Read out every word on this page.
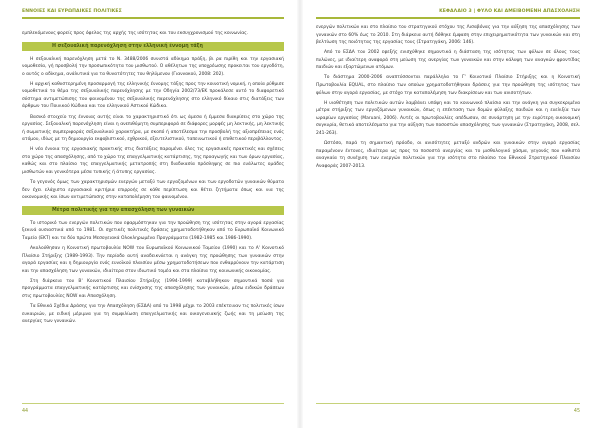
ΕΝΝΟΙΕΣ ΚΑΙ ΕΥΡΩΠΑΙΚΕΣ ΠΟΛΙΤΙΚΕΣ

εμπλεκόμενους φορείς προς όφελος της αρχής της ισότητας και του εκσυγχρονισμού της κοινωνίας.

Η σεξουαλική παρενόχληση στην ελληνική έννομη τάξη

Η σεξουαλική παρενόχληση μετά το Ν. 3488/2006 συνιστά αδίκημα πράξη, βι ρα πιρίθη και την εργασιακή νομοθεσία, γή προσβολή την προσωπικότητα του μισθωτού. Ο αθέλητων της υποχρέωσης προκειται του εργοδότη, ο αυτός ο αδίκημα, ανάλυτικά για τα θυνατότητες του θηλύμενου (Γιαννακού, 2008: 202).

Η αρχική καθυστερημένη προσαρμογή της ελληνικής έννομης τάξης προς την κοινοτική νομική, η οποία ρύθμισε νομοθετικά το θέμα της σεξουαλικής παρενόχλησης με την Οδηγία 2002/73/ΕΚ προκάλεσε αυτό το διαφορετικό σύστημα αντιμετώπισης του φαινομένου της σεξουαλικής παρενόχλησης στο ελληνικό δίκαιο στις διατάξεις των άρθρων του Ποινικού Κώδικα και του ελληνικού Αστικού Κώδικα.

Βασικό στοιχείο της έννοιας αυτής είναι το χαρακτηριστικό ότι ως άμεσα ή έμμεσα διακρίσεις στο χώρο της εργασίας. Σεξουαλική παρενόχληση είναι η ανεπιθύμητη συμπεριφορά σε διάφορες μορφές μη λεκτικής, μη λεκτικής ή σωματικής συμπεριφοράς σεξουαλικού χαρακτήρα, με σκοπό ή αποτέλεσμα την προσβολή της αξιοπρέπειας ενός ατόμου, ιδίως με τη δημιουργία εκφοβιστικού, εχθρικού, εξευτελιστικού, ταπεινωτικού ή επιθετικού περιβάλλοντος.

Η νέα έννοια της εργασιακής πρακτικής στις διατάξεις παραμένει όλες τις εργασιακές πρακτικές και σχέσεις στο χώρο της απασχόλησης, από το χώρο της επαγγελματικής κατάρτισης, της προαγωγής και των όρων εργασίας, καθώς και στο πλαίσιο της επαγγελματικής μετατροπής στη διαδικασία πρόσληψης σε πιο ευάλωτες ομάδες μισθωτών και γενικότερα μέσα τυπικής ή άτυπης εργασίας.

Το γεγονός όμως των χαρακτηρισμών ενεργών μεταξύ των εργαζομένων και των εργοδοτών γυναικών θύματα δεν έχει ελάχιστα εργασιακά κριτήρια επιρροής σε κάθε περίπτωση και θέτει ζητήματα όπως και νια της οικονομικής και ίσων αντιμετώπισης στην καταπολέμηση του φαινομένου.

Μέτρα πολιτικής για την απασχόληση των γυναικών

Το ιστορικό των ενεργών πολιτικών που εφαρμόστηκαν για την προώθηση της ισότητας στην αγορά εργασίας ξεκινά ουσιαστικά από το 1981. Οι σχετικές πολιτικές δράσεις χρηματοδοτήθηκαν από το Ευρωπαϊκό Κοινωνικό Ταμείο (ΕΚΤ) και τα δύο πρώτα Μεσογειακά Ολοκληρωμένα Προγράμματα (1982-1985 και 1986-1990).

Ακολούθησαν η Κοινοτική πρωτοβουλία NOW του Ευρωπαϊκού Κοινωνικού Ταμείου (1990) και το Α' Κοινοτικό Πλαίσιο Στήριξης (1989-1993). Την περίοδο αυτή αναδεικνύεται η ανάγκη της προώθησης των γυναικών στην αγορά εργασίας και η δημιουργία ενός ευνοϊκού πλαισίου μέσω χρηματοδοτήσεων που ενθαρρύνουν την κατάρτιση και την απασχόληση των γυναικών, ιδιαίτερα στον ιδιωτικό τομέα και στα πλαίσια της κοινωνικής οικονομίας.

Στη διάρκεια του Β' Κοινοτικού Πλαισίου Στήριξης (1994-1999) καταβλήθηκαν σημαντικά ποσά για προγράμματα επαγγελματικής κατάρτισης και ενίσχυσης της απασχόλησης των γυναικών, μέσω ειδικών δράσεων στις πρωτοβουλίες NOW και Απασχόληση.

Τα Εθνικά Σχέδια Δράσης για την Απασχόληση (ΕΣΔΑ) από το 1998 μέχρι το 2003 επέκτειναν τις πολιτικές ίσων ευκαιριών, με ειδική μέριμνα για τη συμφιλίωση επαγγελματικής και οικογενειακής ζωής και τη μείωση της ανεργίας των γυναικών.

44
ΚΕΦΑΛΑΙΟ 3 | ΦΥΛΟ ΚΑΙ ΑΜΕΙΒΟΜΕΝΗ ΑΠΑΣΧΟΛΗΣΗ

ενεργών πολιτικών και στο πλαίσιο του στρατηγικού στόχου της Λισαβόνας για την αύξηση της απασχόλησης των γυναικών στο 60% έως το 2010. Στη διάρκεια αυτή δόθηκε έμφαση στην επιχειρηματικότητα των γυναικών και στη βελτίωση της ποιότητας της εργασίας τους (Στρατηγάκη, 2006: 146).

Από το ΕΣΔΑ του 2002 εφεξής ενισχύθηκε σημαντικά η διάσταση της ισότητας των φύλων σε όλους τους πυλώνες, με ιδιαίτερη αναφορά στη μείωση της ανεργίας των γυναικών και στην κάλυψη των αναγκών φροντίδας παιδιών και εξαρτώμενων ατόμων.

Το διάστημα 2000-2006 αναπτύσσονται παράλληλα το Γ' Κοινοτικό Πλαίσιο Στήριξης και η Κοινοτική Πρωτοβουλία EQUAL, στο πλαίσιο των οποίων χρηματοδοτήθηκαν δράσεις για την προώθηση της ισότητας των φύλων στην αγορά εργασίας, με στόχο την καταπολέμηση των διακρίσεων και των ανισοτήτων.

Η υιοθέτηση των πολιτικών αυτών λαμβάνει υπόψη και το κοινωνικό πλαίσιο και την ανάγκη για συγκεκριμένα μέτρα στήριξης των εργαζόμενων γυναικών, όπως η επέκταση των δομών φύλαξης παιδιών και η ευελιξία των ωραρίων εργασίας (Maruani, 2006). Αυτές οι πρωτοβουλίες απέδωσαν, σε συνάρτηση με την ευρύτερη οικονομική συγκυρία, θετικά αποτελέσματα για την αύξηση των ποσοστών απασχόλησης των γυναικών (Στρατηγάκη, 2008, σελ. 241-263).

Ωστόσο, παρά τη σημαντική πρόοδο, οι ανισότητες μεταξύ ανδρών και γυναικών στην αγορά εργασίας παραμένουν έντονες, ιδιαίτερα ως προς τα ποσοστά ανεργίας και το μισθολογικό χάσμα, γεγονός που καθιστά αναγκαία τη συνέχιση των ενεργών πολιτικών για την ισότητα στο πλαίσιο του Εθνικού Στρατηγικού Πλαισίου Αναφοράς 2007-2013.

45
